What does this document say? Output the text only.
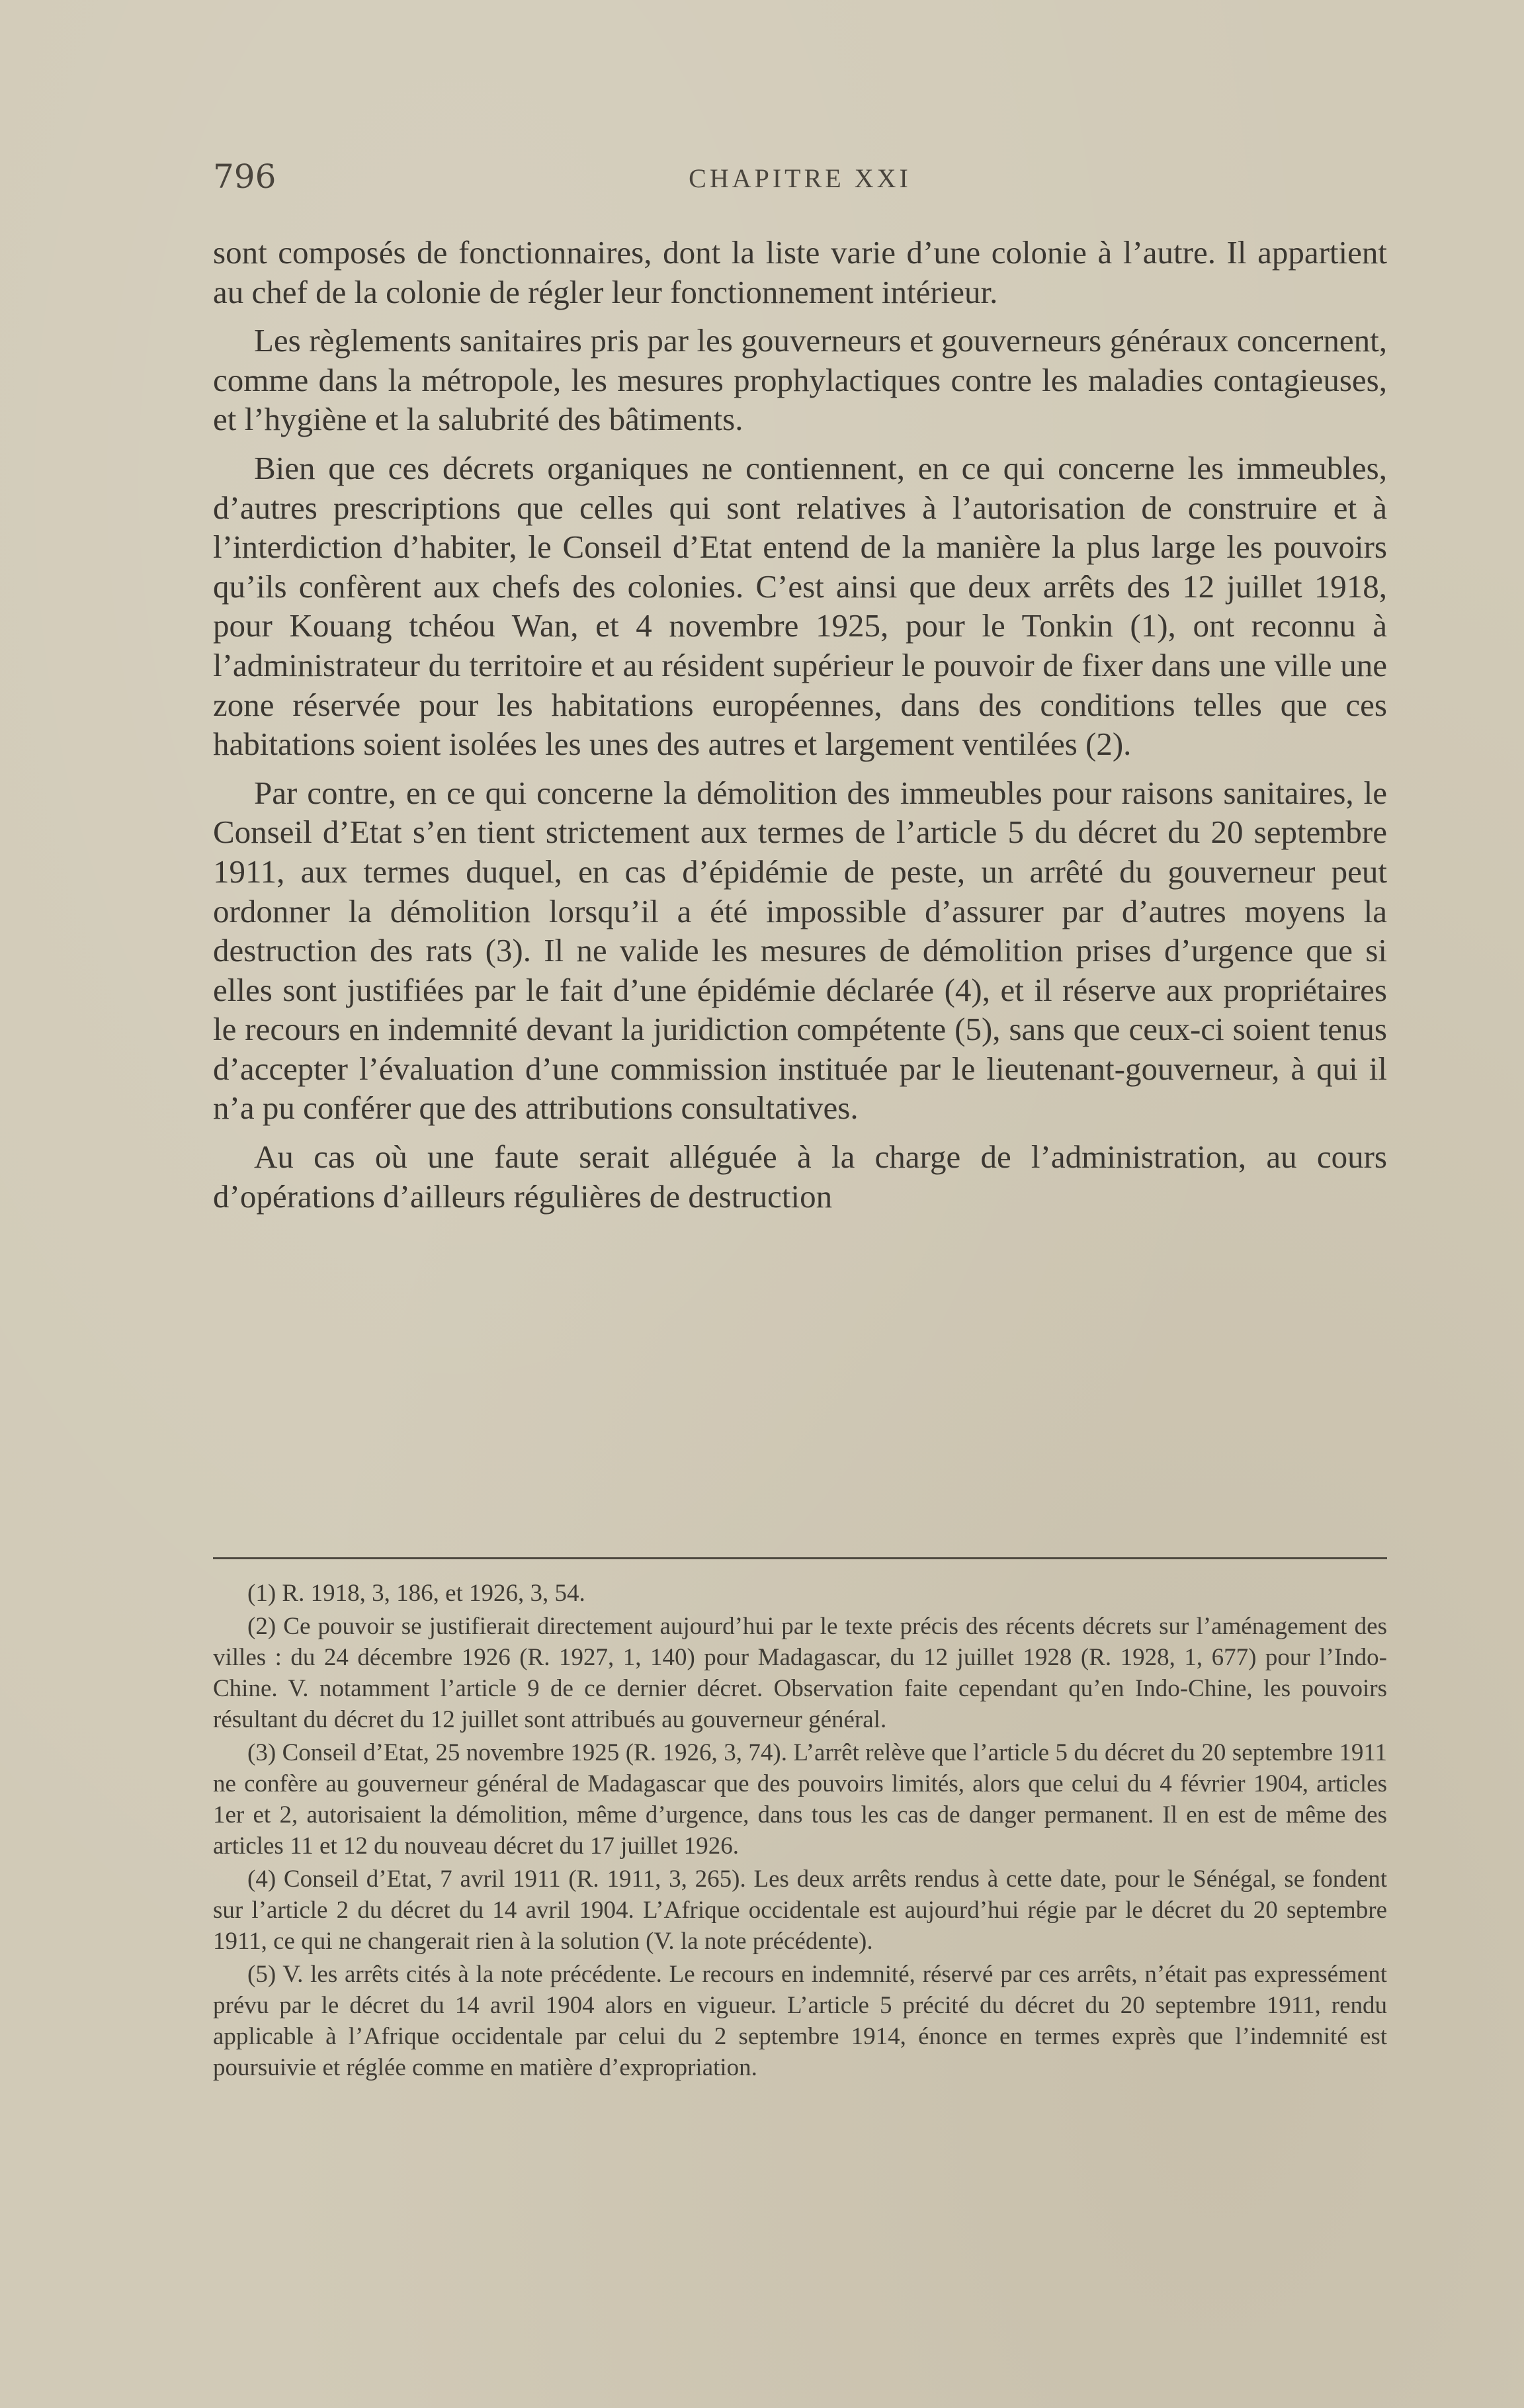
796	CHAPITRE XXI

sont composés de fonctionnaires, dont la liste varie d’une colonie à l’autre. Il appartient au chef de la colonie de régler leur fonctionnement intérieur.

Les règlements sanitaires pris par les gouverneurs et gouverneurs généraux concernent, comme dans la métropole, les mesures prophylactiques contre les maladies contagieuses, et l’hygiène et la salubrité des bâtiments.

Bien que ces décrets organiques ne contiennent, en ce qui concerne les immeubles, d’autres prescriptions que celles qui sont relatives à l’autorisation de construire et à l’interdiction d’habiter, le Conseil d’Etat entend de la manière la plus large les pouvoirs qu’ils confèrent aux chefs des colonies. C’est ainsi que deux arrêts des 12 juillet 1918, pour Kouang tchéou Wan, et 4 novembre 1925, pour le Tonkin (1), ont reconnu à l’administrateur du territoire et au résident supérieur le pouvoir de fixer dans une ville une zone réservée pour les habitations européennes, dans des conditions telles que ces habitations soient isolées les unes des autres et largement ventilées (2).

Par contre, en ce qui concerne la démolition des immeubles pour raisons sanitaires, le Conseil d’Etat s’en tient strictement aux termes de l’article 5 du décret du 20 septembre 1911, aux termes duquel, en cas d’épidémie de peste, un arrêté du gouverneur peut ordonner la démolition lorsqu’il a été impossible d’assurer par d’autres moyens la destruction des rats (3). Il ne valide les mesures de démolition prises d’urgence que si elles sont justifiées par le fait d’une épidémie déclarée (4), et il réserve aux propriétaires le recours en indemnité devant la juridiction compétente (5), sans que ceux-ci soient tenus d’accepter l’évaluation d’une commission instituée par le lieutenant-gouverneur, à qui il n’a pu conférer que des attributions consultatives.

Au cas où une faute serait alléguée à la charge de l’administration, au cours d’opérations d’ailleurs régulières de destruction

(1) R. 1918, 3, 186, et 1926, 3, 54.

(2) Ce pouvoir se justifierait directement aujourd’hui par le texte précis des récents décrets sur l’aménagement des villes : du 24 décembre 1926 (R. 1927, 1, 140) pour Madagascar, du 12 juillet 1928 (R. 1928, 1, 677) pour l’Indo-Chine. V. notamment l’article 9 de ce dernier décret. Observation faite cependant qu’en Indo-Chine, les pouvoirs résultant du décret du 12 juillet sont attribués au gouverneur général.

(3) Conseil d’Etat, 25 novembre 1925 (R. 1926, 3, 74). L’arrêt relève que l’article 5 du décret du 20 septembre 1911 ne confère au gouverneur général de Madagascar que des pouvoirs limités, alors que celui du 4 février 1904, articles 1er et 2, autorisaient la démolition, même d’urgence, dans tous les cas de danger permanent. Il en est de même des articles 11 et 12 du nouveau décret du 17 juillet 1926.

(4) Conseil d’Etat, 7 avril 1911 (R. 1911, 3, 265). Les deux arrêts rendus à cette date, pour le Sénégal, se fondent sur l’article 2 du décret du 14 avril 1904. L’Afrique occidentale est aujourd’hui régie par le décret du 20 septembre 1911, ce qui ne changerait rien à la solution (V. la note précédente).

(5) V. les arrêts cités à la note précédente. Le recours en indemnité, réservé par ces arrêts, n’était pas expressément prévu par le décret du 14 avril 1904 alors en vigueur. L’article 5 précité du décret du 20 septembre 1911, rendu applicable à l’Afrique occidentale par celui du 2 septembre 1914, énonce en termes exprès que l’indemnité est poursuivie et réglée comme en matière d’expropriation.
